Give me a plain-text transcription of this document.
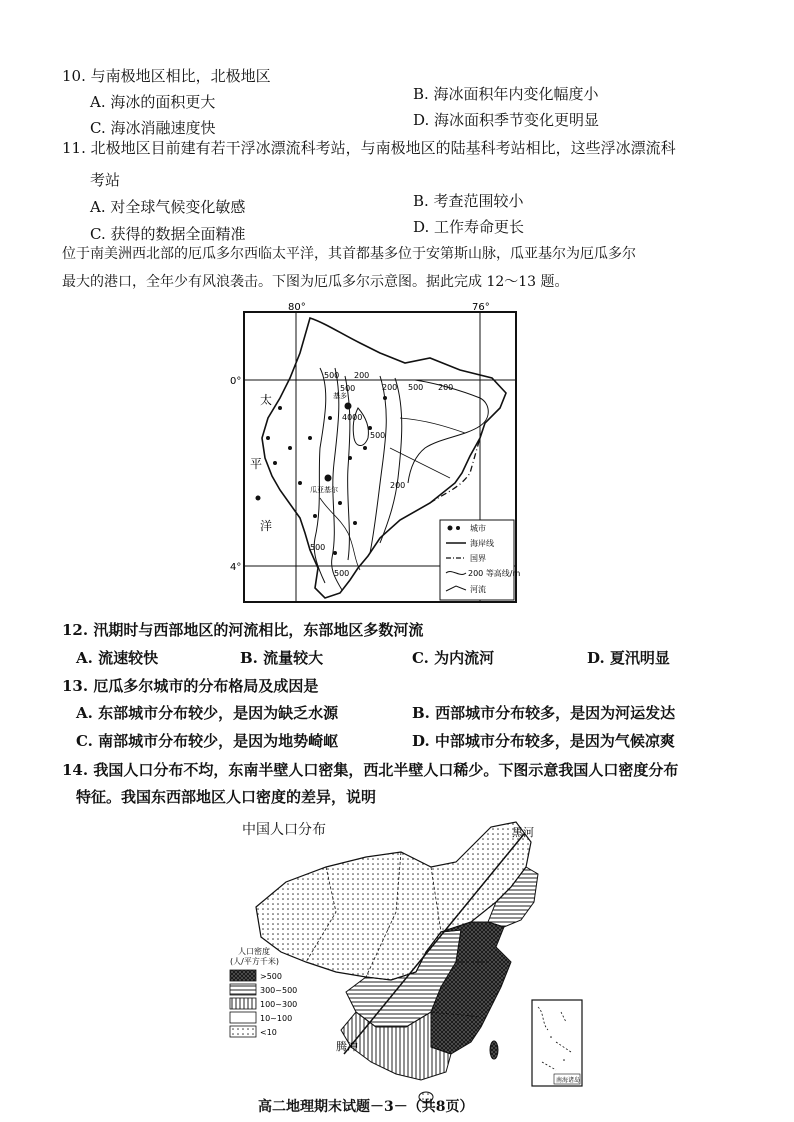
10. 与南极地区相比，北极地区
A. 海冰的面积更大	B. 海冰面积年内变化幅度小
C. 海冰消融速度快	D. 海冰面积季节变化更明显
11. 北极地区目前建有若干浮冰漂流科考站，与南极地区的陆基科考站相比，这些浮冰漂流科
考站
A. 对全球气候变化敏感	B. 考查范围较小
C. 获得的数据全面精准	D. 工作寿命更长
位于南美洲西北部的厄瓜多尔西临太平洋，其首都基多位于安第斯山脉，瓜亚基尔为厄瓜多尔
最大的港口，全年少有风浪袭击。下图为厄瓜多尔示意图。据此完成 12～13 题。
80°	76°
0°
4°
太
平
洋
基多
瓜亚基尔
500 200
500
4000
200 500 200
500
500
500
200
城市
海岸线
国界
200 等高线/m
河流
12. 汛期时与西部地区的河流相比，东部地区多数河流
A. 流速较快	B. 流量较大	C. 为内流河	D. 夏汛明显
13. 厄瓜多尔城市的分布格局及成因是
A. 东部城市分布较少，是因为缺乏水源	B. 西部城市分布较多，是因为河运发达
C. 南部城市分布较少，是因为地势崎岖	D. 中部城市分布较多，是因为气候凉爽
14. 我国人口分布不均，东南半壁人口密集，西北半壁人口稀少。下图示意我国人口密度分布
特征。我国东西部地区人口密度的差异，说明
中国人口分布	黑河
腾冲
人口密度
(人/平方千米)
>500
300~500
100~300
10~100
<10
南海诸岛
高二地理期末试题－3－（共8页）
